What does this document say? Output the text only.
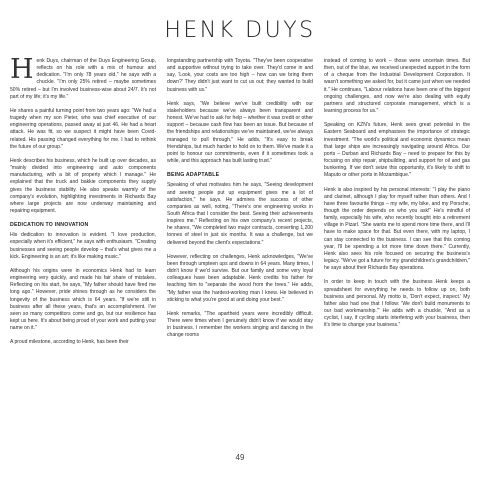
HENK DUYS

Henk Duys, chairman of the Duys Engineering Group, reflects on his role with a mix of humour and dedication. "I'm only 78 years old," he says with a chuckle. "I'm only 25% retired – maybe sometimes 50% retired – but I'm involved business-wise about 24/7. It's not part of my life; it's my life."

He shares a painful turning point from two years ago: "We had a tragedy when my son Pieter, who was chief executive of our engineering operations, passed away at just 46. He had a heart attack. He was fit, so we suspect it might have been Covid-related. His passing changed everything for me. I had to rethink the future of our group."

Henk describes his business, which he built up over decades, as "mainly divided into engineering and auto components manufacturing, with a bit of property which I manage." He explained that the truck and bakkie components they supply gives the business stability. He also speaks warmly of the company's evolution, highlighting investments in Richards Bay where large projects are now underway maintaining and repairing equipment.

DEDICATION TO INNOVATION

His dedication to innovation is evident. "I love production, especially when it's efficient," he says with enthusiasm. "Creating businesses and seeing people develop – that's what gives me a kick. Engineering is an art; it's like making music."

Although his origins were in economics Henk had to learn engineering very quickly, and made his fair share of mistakes. Reflecting on his start, he says, "My father should have fired me long ago." However, pride shines through as he considers the longevity of the business which is 64 years. "If we're still in business after all these years, that's an accomplishment. I've seen so many competitors come and go, but our resilience has kept us here. It's about being proud of your work and putting your name on it."

A proud milestone, according to Henk, has been their

longstanding partnership with Toyota. "They've been cooperative and supportive without trying to take over. They'd come in and say, 'Look, your costs are too high – how can we bring them down?' They didn't just want to cut us out; they wanted to build business with us."

Henk says, "We believe we've built credibility with our stakeholders because we've always been transparent and honest. We've had to ask for help – whether it was credit or other support – because cash flow has been an issue. But because of the friendships and relationships we've maintained, we've always managed to pull through," He adds, "It's easy to break friendships, but much harder to hold on to them. We've made it a point to honour our commitments, even if it sometimes took a while, and this approach has built lasting trust."

BEING ADAPTABLE

Speaking of what motivates him he says, "Seeing development and seeing people put up equipment gives me a lot of satisfaction," he says. He admires the success of other companies as well, noting, "There's one engineering works in South Africa that I consider the best. Seeing their achievements inspires me." Reflecting on his own company's recent projects, he shares, "We completed two major contracts, converting 1,200 tonnes of steel in just six months. It was a challenge, but we delivered beyond the client's expectations."

However, reflecting on challenges, Henk acknowledges, "We've been through umpteen ups and downs in 64 years. Many times, I didn't know if we'd survive. But our family and some very loyal colleagues have been adaptable. Henk credits his father for teaching him to "separate the wood from the trees." He adds, "My father was the hardest-working man I knew. He believed in sticking to what you're good at and doing your best."

Henk remarks, "The apartheid years were incredibly difficult. There were times when I genuinely didn't know if we would stay in business. I remember the workers singing and dancing in the change rooms

instead of coming to work – those were uncertain times. But then, out of the blue, we received unexpected support in the form of a cheque from the Industrial Development Corporation. It wasn't something we asked for, but it came just when we needed it." He continues, "Labour relations have been one of the biggest ongoing challenges, and now we're also dealing with equity partners and structured corporate management, which is a learning process for us."

Speaking on KZN's future, Henk sees great potential in the Eastern Seaboard and emphasises the importance of strategic investment. "The world's political and economic dynamics mean that large ships are increasingly navigating around Africa. Our ports – Durban and Richards Bay – need to prepare for this by focusing on ship repair, shipbuilding, and support for oil and gas bunkering. If we don't seize this opportunity, it's likely to shift to Maputo or other ports in Mozambique."

Henk is also inspired by his personal interests: "I play the piano and clarinet, although I play for myself rather than others. And I have three favourite things – my wife, my bike, and my Porsche, though the order depends on who you ask!" He's mindful of family, especially his wife, who recently bought into a retirement village in Pizarl. "She wants me to spend more time there, and I'll have to make space for that. But even there, with my laptop, I can stay connected to the business. I can see that this coming year, I'll be spending a lot more time down there." Currently, Henk also sees his role focused on securing the business's legacy. "We've got a future for my grandchildren's grandchildren," he says about their Richards Bay operations.

In order to keep in touch with the business Henk keeps a spreadsheet for everything he needs to follow up on, both business and personal. My motto is, 'Don't expect, inspect.' My father also had one that I follow: 'We don't build monuments to our bad workmanship.'" He adds with a chuckle, "And as a cyclist, I say, if cycling starts interfering with your business, then it's time to change your business."

49
